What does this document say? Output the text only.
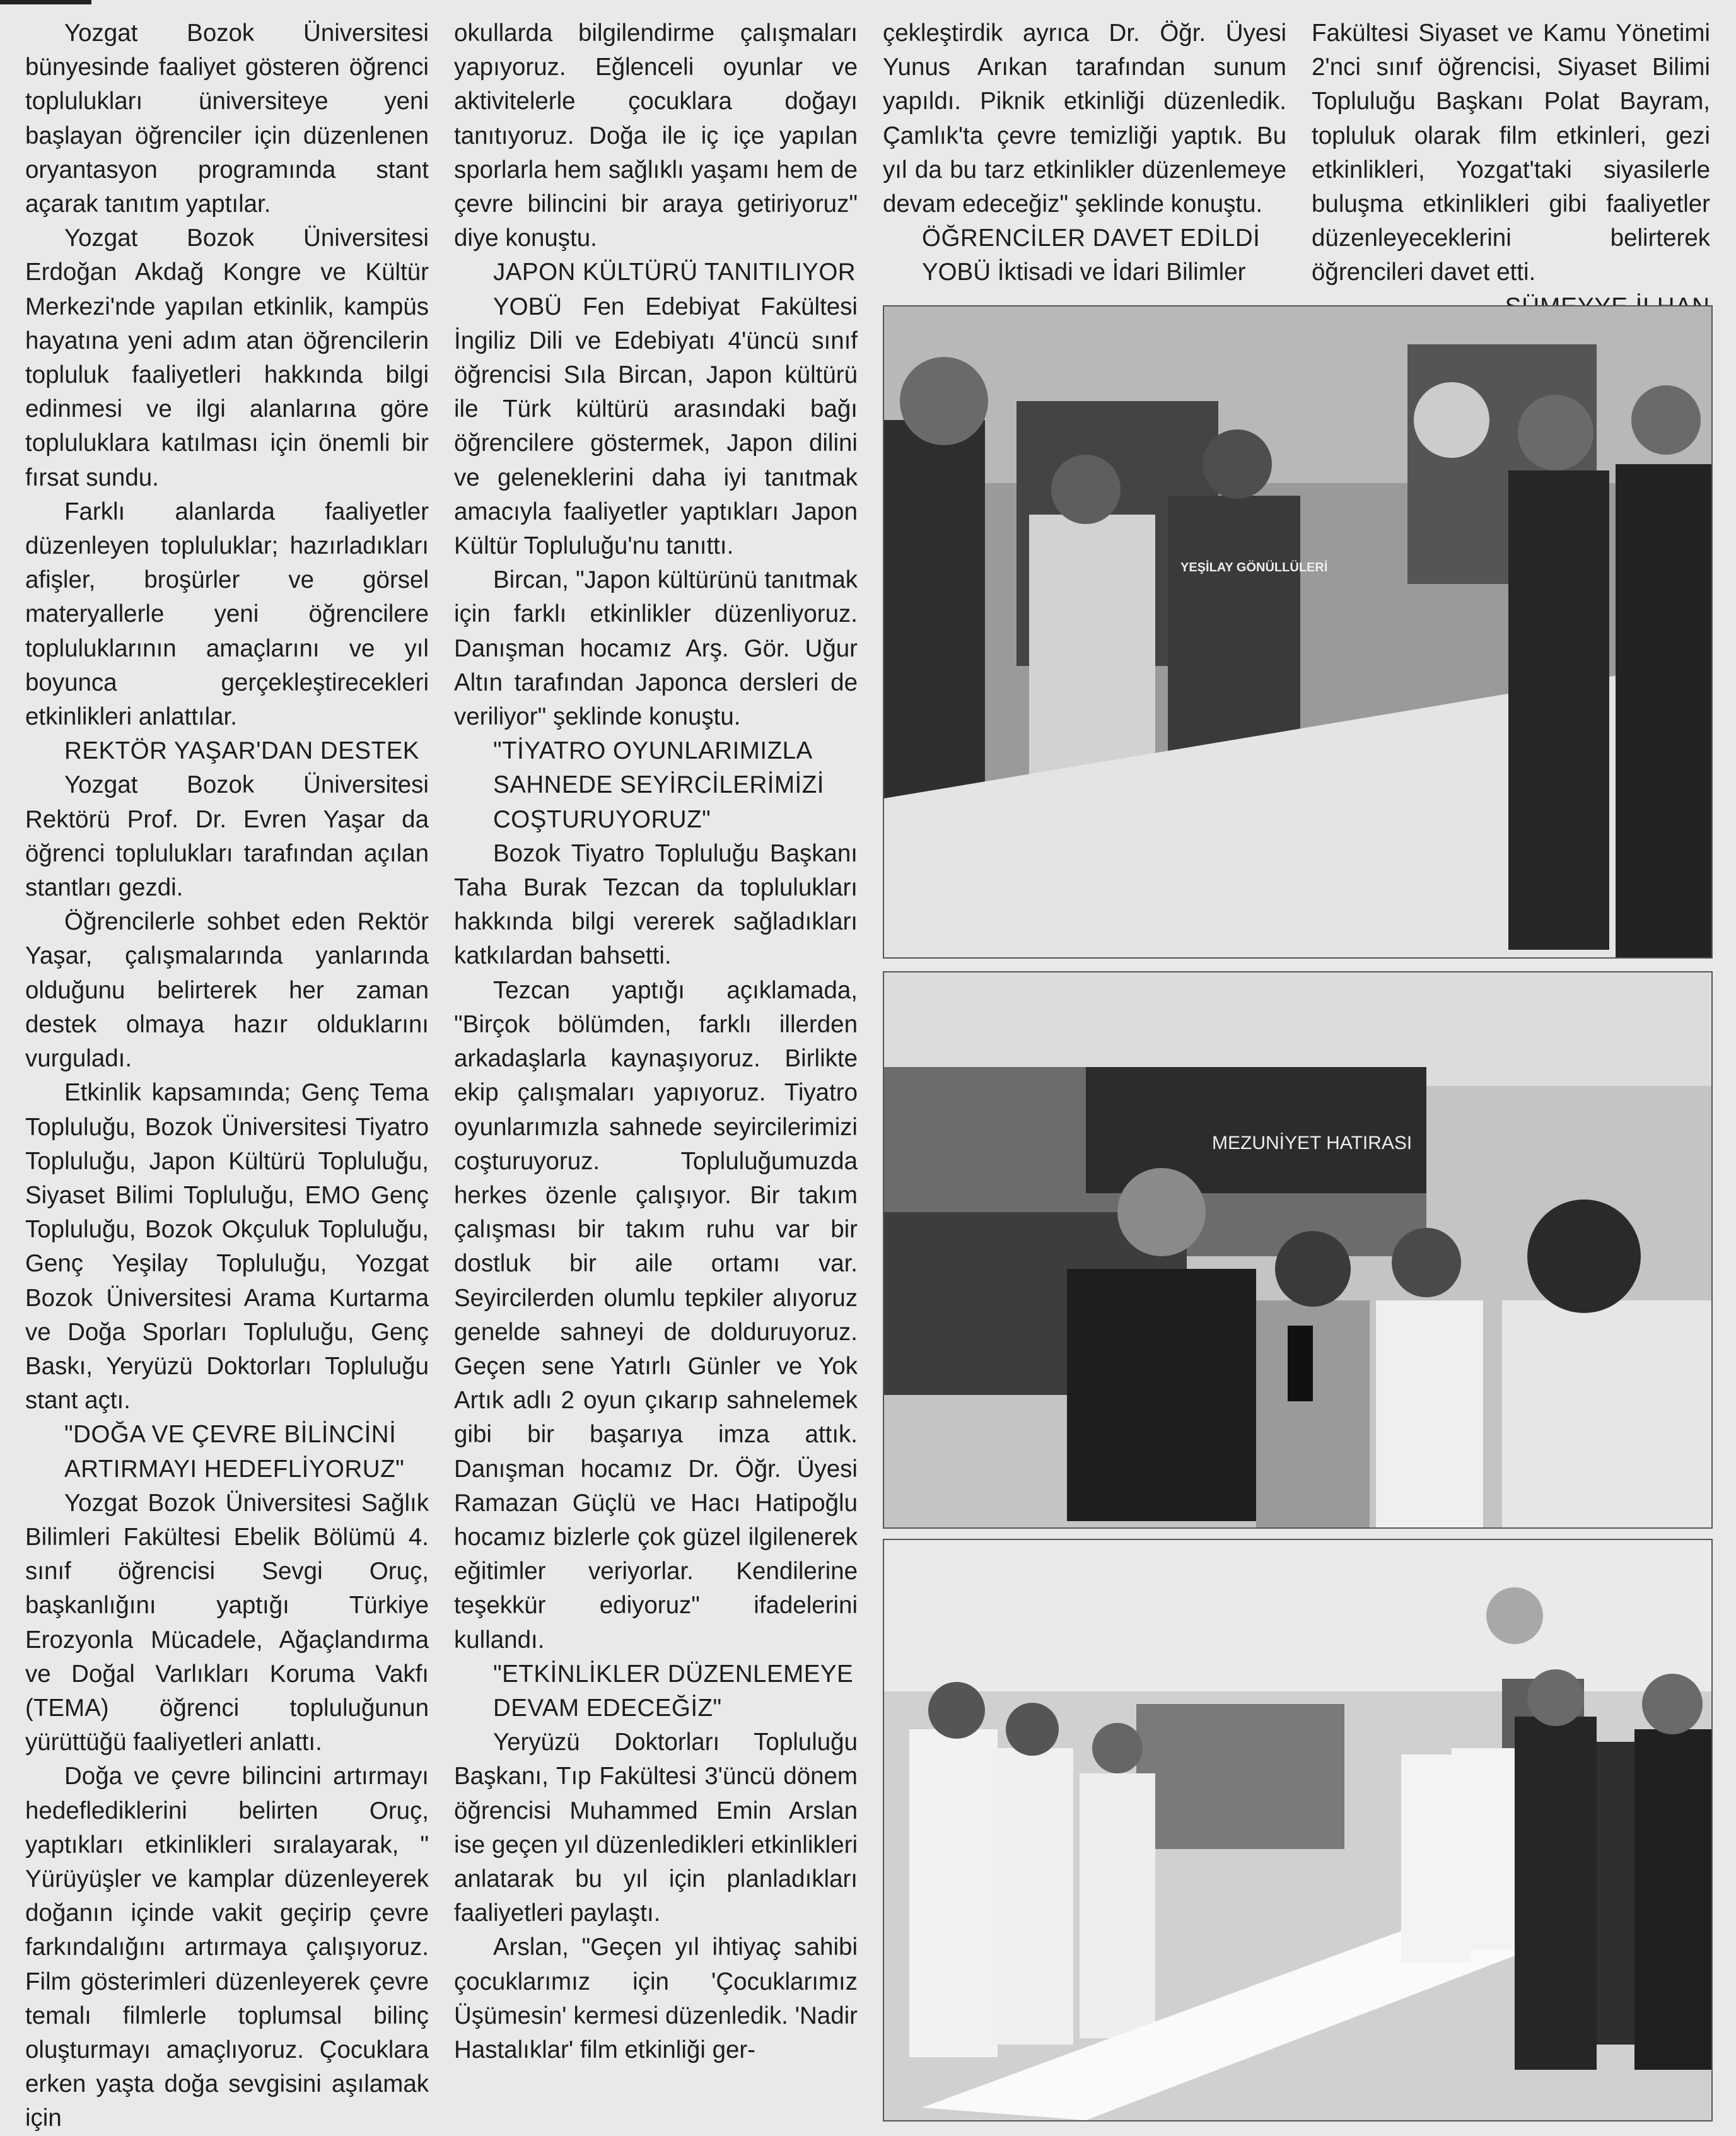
Yozgat Bozok Üniversitesi bünyesinde faaliyet gösteren öğrenci toplulukları üniversiteye yeni başlayan öğrenciler için düzenlenen oryantasyon programında stant açarak tanıtım yaptılar.

Yozgat Bozok Üniversitesi Erdoğan Akdağ Kongre ve Kültür Merkezi'nde yapılan etkinlik, kampüs hayatına yeni adım atan öğrencilerin topluluk faaliyetleri hakkında bilgi edinmesi ve ilgi alanlarına göre topluluklara katılması için önemli bir fırsat sundu.

Farklı alanlarda faaliyetler düzenleyen topluluklar; hazırladıkları afişler, broşürler ve görsel materyallerle yeni öğrencilere topluluklarının amaçlarını ve yıl boyunca gerçekleştirecekleri etkinlikleri anlattılar.

REKTÖR YAŞAR'DAN DESTEK

Yozgat Bozok Üniversitesi Rektörü Prof. Dr. Evren Yaşar da öğrenci toplulukları tarafından açılan stantları gezdi.

Öğrencilerle sohbet eden Rektör Yaşar, çalışmalarında yanlarında olduğunu belirterek her zaman destek olmaya hazır olduklarını vurguladı.

Etkinlik kapsamında; Genç Tema Topluluğu, Bozok Üniversitesi Tiyatro Topluluğu, Japon Kültürü Topluluğu, Siyaset Bilimi Topluluğu, EMO Genç Topluluğu, Bozok Okçuluk Topluluğu, Genç Yeşilay Topluluğu, Yozgat Bozok Üniversitesi Arama Kurtarma ve Doğa Sporları Topluluğu, Genç Baskı, Yeryüzü Doktorları Topluluğu stant açtı.

"DOĞA VE ÇEVRE BİLİNCİNİ ARTIRMAYI HEDEFLİYORUZ"

Yozgat Bozok Üniversitesi Sağlık Bilimleri Fakültesi Ebelik Bölümü 4. sınıf öğrencisi Sevgi Oruç, başkanlığını yaptığı Türkiye Erozyonla Mücadele, Ağaçlandırma ve Doğal Varlıkları Koruma Vakfı (TEMA) öğrenci topluluğunun yürüttüğü faaliyetleri anlattı.

Doğa ve çevre bilincini artırmayı hedeflediklerini belirten Oruç, yaptıkları etkinlikleri sıralayarak, " Yürüyüşler ve kamplar düzenleyerek doğanın içinde vakit geçirip çevre farkındalığını artırmaya çalışıyoruz. Film gösterimleri düzenleyerek çevre temalı filmlerle toplumsal bilinç oluşturmayı amaçlıyoruz. Çocuklara erken yaşta doğa sevgisini aşılamak için

okullarda bilgilendirme çalışmaları yapıyoruz. Eğlenceli oyunlar ve aktivitelerle çocuklara doğayı tanıtıyoruz. Doğa ile iç içe yapılan sporlarla hem sağlıklı yaşamı hem de çevre bilincini bir araya getiriyoruz" diye konuştu.

JAPON KÜLTÜRÜ TANITILIYOR

YOBÜ Fen Edebiyat Fakültesi İngiliz Dili ve Edebiyatı 4'üncü sınıf öğrencisi Sıla Bircan, Japon kültürü ile Türk kültürü arasındaki bağı öğrencilere göstermek, Japon dilini ve geleneklerini daha iyi tanıtmak amacıyla faaliyetler yaptıkları Japon Kültür Topluluğu'nu tanıttı.

Bircan, "Japon kültürünü tanıtmak için farklı etkinlikler düzenliyoruz. Danışman hocamız Arş. Gör. Uğur Altın tarafından Japonca dersleri de veriliyor" şeklinde konuştu.

"TİYATRO OYUNLARIMIZLA SAHNEDE SEYİRCİLERİMİZİ COŞTURUYORUZ"

Bozok Tiyatro Topluluğu Başkanı Taha Burak Tezcan da toplulukları hakkında bilgi vererek sağladıkları katkılardan bahsetti.

Tezcan yaptığı açıklamada, "Birçok bölümden, farklı illerden arkadaşlarla kaynaşıyoruz. Birlikte ekip çalışmaları yapıyoruz. Tiyatro oyunlarımızla sahnede seyircilerimizi coşturuyoruz. Topluluğumuzda herkes özenle çalışıyor. Bir takım çalışması bir takım ruhu var bir dostluk bir aile ortamı var. Seyircilerden olumlu tepkiler alıyoruz genelde sahneyi de dolduruyoruz. Geçen sene Yatırlı Günler ve Yok Artık adlı 2 oyun çıkarıp sahnelemek gibi bir başarıya imza attık. Danışman hocamız Dr. Öğr. Üyesi Ramazan Güçlü ve Hacı Hatipoğlu hocamız bizlerle çok güzel ilgilenerek eğitimler veriyorlar. Kendilerine teşekkür ediyoruz" ifadelerini kullandı.

"ETKİNLİKLER DÜZENLEMEYE DEVAM EDECEĞİZ"

Yeryüzü Doktorları Topluluğu Başkanı, Tıp Fakültesi 3'üncü dönem öğrencisi Muhammed Emin Arslan ise geçen yıl düzenledikleri etkinlikleri anlatarak bu yıl için planladıkları faaliyetleri paylaştı.

Arslan, "Geçen yıl ihtiyaç sahibi çocuklarımız için 'Çocuklarımız Üşümesin' kermesi düzenledik. 'Nadir Hastalıklar' film etkinliği ger-

çekleştirdik ayrıca Dr. Öğr. Üyesi Yunus Arıkan tarafından sunum yapıldı. Piknik etkinliği düzenledik. Çamlık'ta çevre temizliği yaptık. Bu yıl da bu tarz etkinlikler düzenlemeye devam edeceğiz" şeklinde konuştu.

ÖĞRENCİLER DAVET EDİLDİ

YOBÜ İktisadi ve İdari Bilimler

Fakültesi Siyaset ve Kamu Yönetimi 2'nci sınıf öğrencisi, Siyaset Bilimi Topluluğu Başkanı Polat Bayram, topluluk olarak film etkinleri, gezi etkinlikleri, Yozgat'taki siyasilerle buluşma etkinlikleri gibi faaliyetler düzenleyeceklerini belirterek öğrencileri davet etti.

YEŞİLAY GÖNÜLLÜLERİ
MEZUNİYET HATIRASI
